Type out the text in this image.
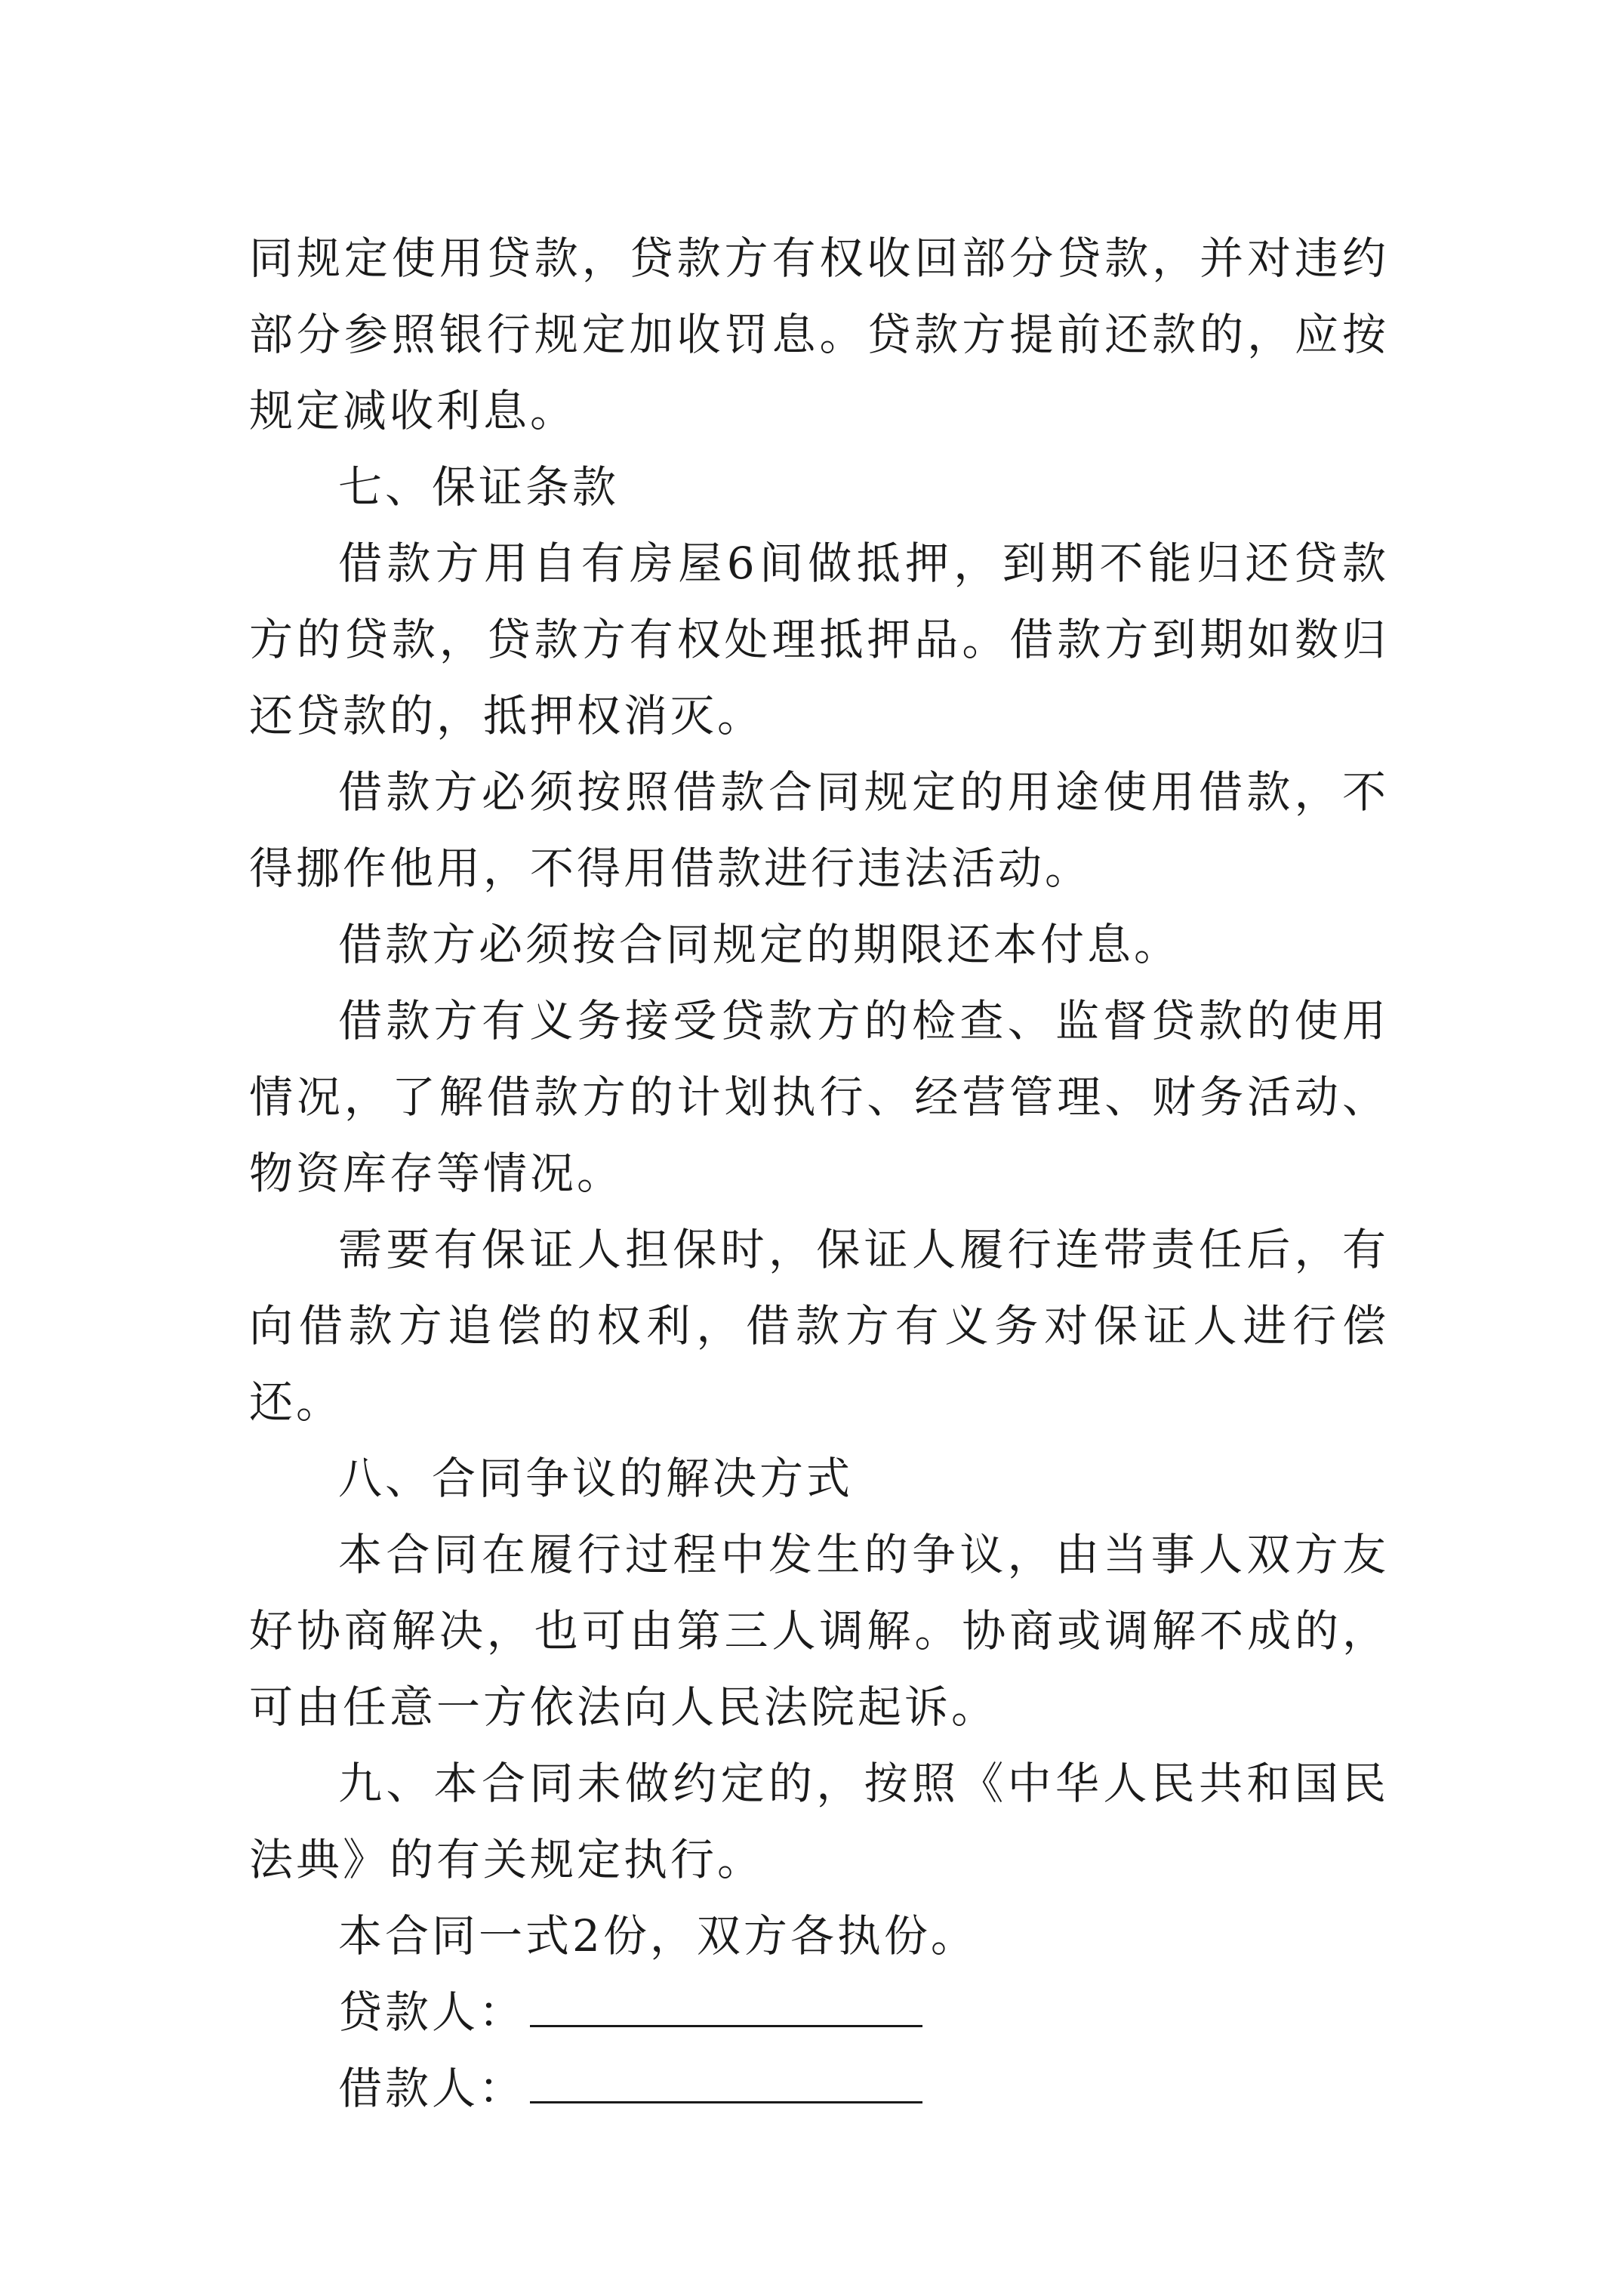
同规定使用贷款，贷款方有权收回部分贷款，并对违约部分参照银行规定加收罚息。贷款方提前还款的，应按规定减收利息。

七、保证条款

借款方用自有房屋6间做抵押，到期不能归还贷款方的贷款，贷款方有权处理抵押品。借款方到期如数归还贷款的，抵押权消灭。

借款方必须按照借款合同规定的用途使用借款，不得挪作他用，不得用借款进行违法活动。

借款方必须按合同规定的期限还本付息。

借款方有义务接受贷款方的检查、监督贷款的使用情况，了解借款方的计划执行、经营管理、财务活动、物资库存等情况。

需要有保证人担保时，保证人履行连带责任后，有向借款方追偿的权利，借款方有义务对保证人进行偿还。

八、合同争议的解决方式

本合同在履行过程中发生的争议，由当事人双方友好协商解决，也可由第三人调解。协商或调解不成的，可由任意一方依法向人民法院起诉。

九、本合同未做约定的，按照《中华人民共和国民法典》的有关规定执行。

本合同一式2份，双方各执份。

贷款人：

借款人：
